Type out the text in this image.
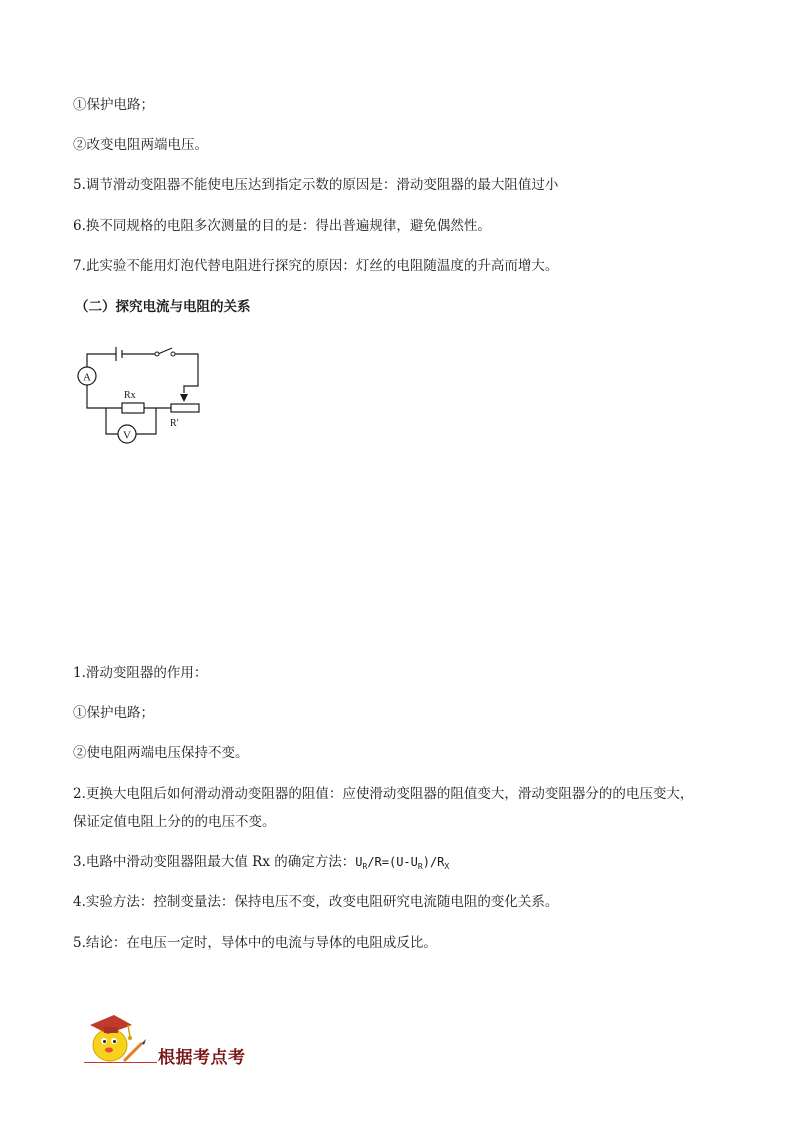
①保护电路；
②改变电阻两端电压。
5.调节滑动变阻器不能使电压达到指定示数的原因是：滑动变阻器的最大阻值过小
6.换不同规格的电阻多次测量的目的是：得出普遍规律，避免偶然性。
7.此实验不能用灯泡代替电阻进行探究的原因：灯丝的电阻随温度的升高而增大。
（二）探究电流与电阻的关系
A
V
Rx
R′
1.滑动变阻器的作用：
①保护电路；
②使电阻两端电压保持不变。
2.更换大电阻后如何滑动滑动变阻器的阻值：应使滑动变阻器的阻值变大，滑动变阻器分的的电压变大，
保证定值电阻上分的的电压不变。
3.电路中滑动变阻器阻最大值 Rx 的确定方法：$U_R/R=(U-U_R)/R_X$
4.实验方法：控制变量法：保持电压不变，改变电阻研究电流随电阻的变化关系。
5.结论：在电压一定时，导体中的电流与导体的电阻成反比。
根据考点考
